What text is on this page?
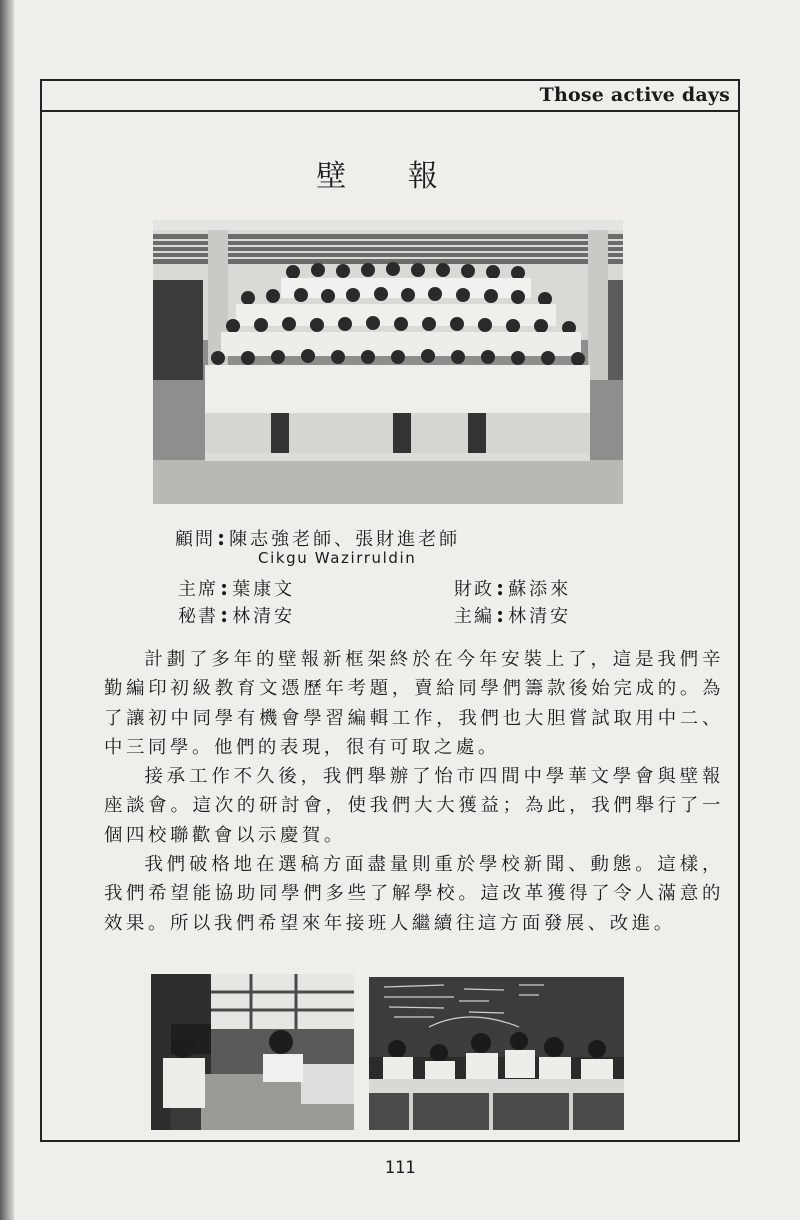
Those active days
壁 報
顧問: 陳志強老師、張財進老師
Cikgu Wazirruldin
主席: 葉康文
秘書: 林清安
財政: 蘇添來
主編: 林清安

計劃了多年的壁報新框架終於在今年安裝上了，這是我們辛勤編印初級教育文憑歷年考題，賣給同學們籌款後始完成的。為了讓初中同學有機會學習編輯工作，我們也大胆嘗試取用中二、中三同學。他們的表現，很有可取之處。

接承工作不久後，我們舉辦了怡市四間中學華文學會與壁報座談會。這次的研討會，使我們大大獲益；為此，我們舉行了一個四校聯歡會以示慶賀。

我們破格地在選稿方面盡量則重於學校新聞、動態。這樣，我們希望能協助同學們多些了解學校。這改革獲得了令人滿意的效果。所以我們希望來年接班人繼續往這方面發展、改進。

111
